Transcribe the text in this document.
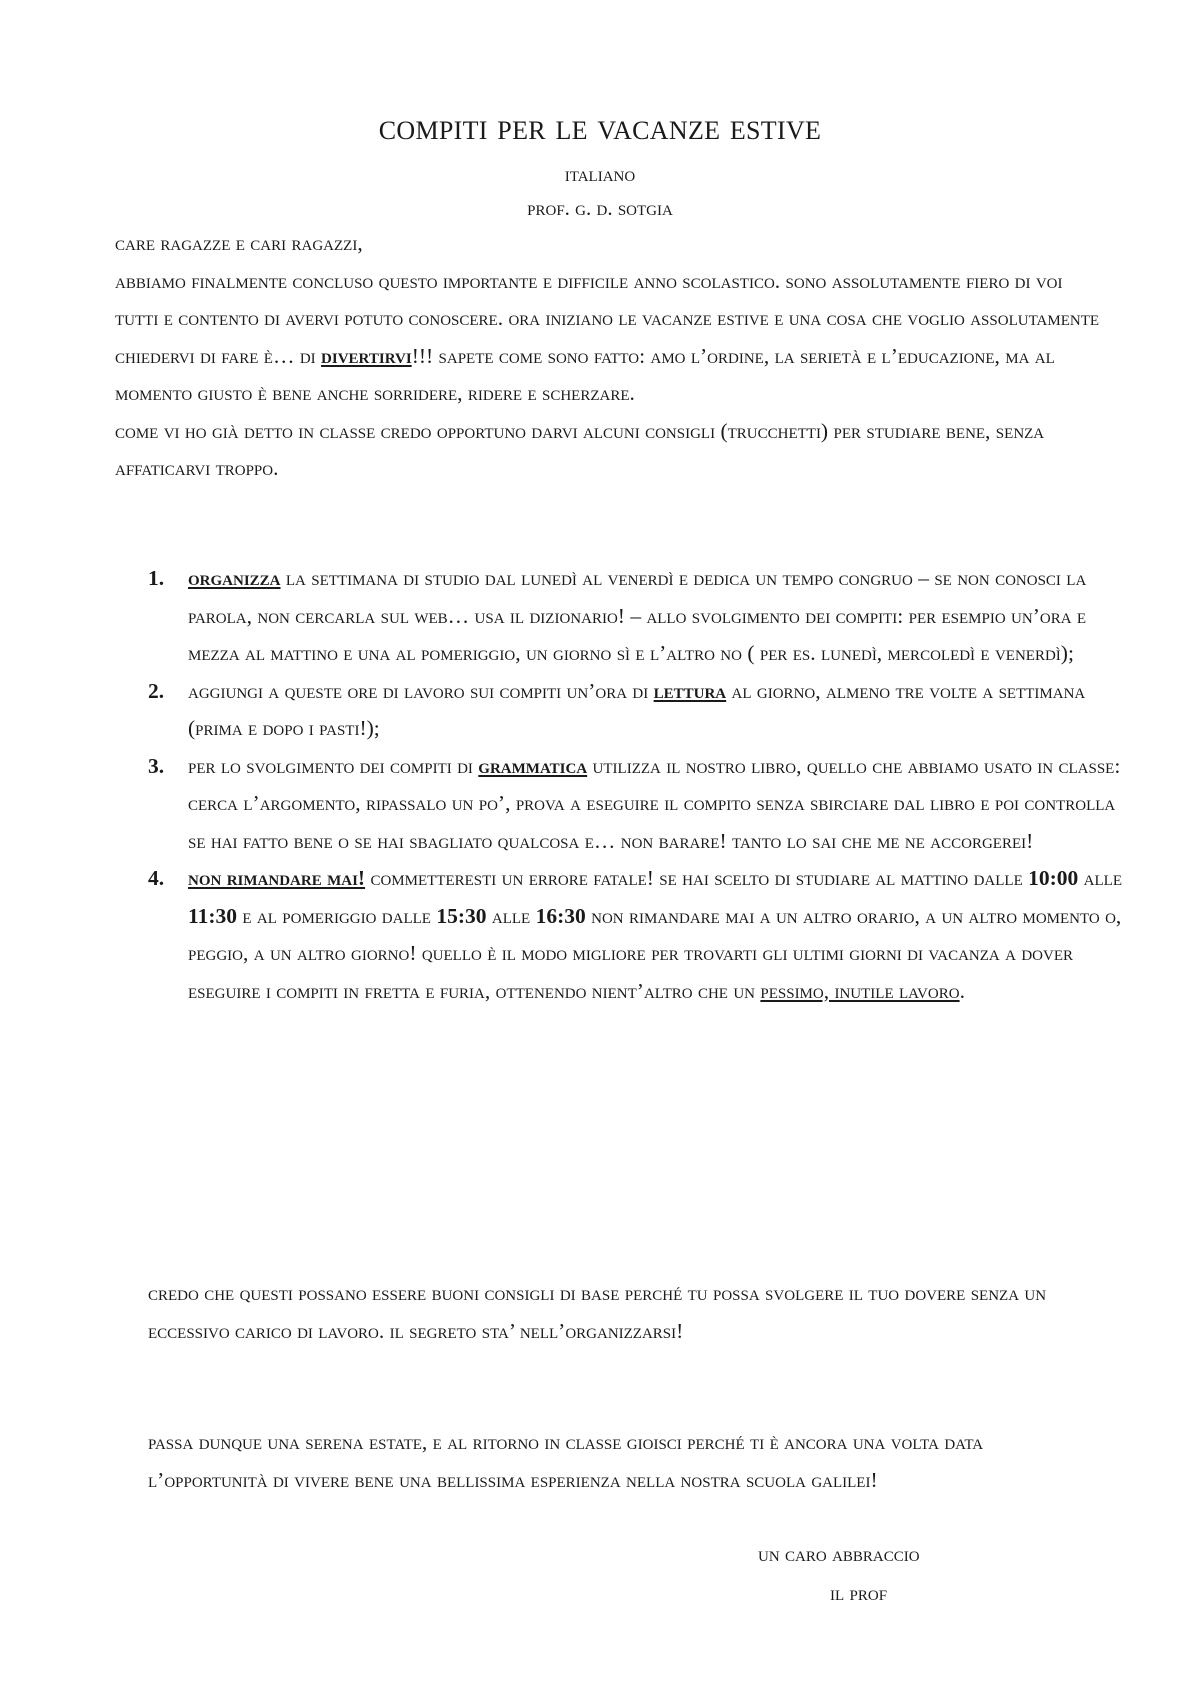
compiti per le vacanze estive
italiano
prof. g. d. sotgia

care ragazze e cari ragazzi,

abbiamo finalmente concluso questo importante e difficile anno scolastico. sono assolutamente fiero di voi tutti e contento di avervi potuto conoscere. ora iniziano le vacanze estive e una cosa che voglio assolutamente chiedervi di fare è… di divertirvi!!! sapete come sono fatto: amo l’ordine, la serietà e l’educazione, ma al momento giusto è bene anche sorridere, ridere e scherzare.

come vi ho già detto in classe credo opportuno darvi alcuni consigli (trucchetti) per studiare bene, senza affaticarvi troppo.

organizza la settimana di studio dal lunedì al venerdì e dedica un tempo congruo – se non conosci la parola, non cercarla sul web… usa il dizionario! – allo svolgimento dei compiti: per esempio un’ora e mezza al mattino e una al pomeriggio, un giorno sì e l’altro no ( per es. lunedì, mercoledì e venerdì);
aggiungi a queste ore di lavoro sui compiti un’ora di lettura al giorno, almeno tre volte a settimana (prima e dopo i pasti!);
per lo svolgimento dei compiti di grammatica utilizza il nostro libro, quello che abbiamo usato in classe: cerca l’argomento, ripassalo un po’, prova a eseguire il compito senza sbirciare dal libro e poi controlla se hai fatto bene o se hai sbagliato qualcosa e… non barare! tanto lo sai che me ne accorgerei!
non rimandare mai! commetteresti un errore fatale! se hai scelto di studiare al mattino dalle 10:00 alle 11:30 e al pomeriggio dalle 15:30 alle 16:30 non rimandare mai a un altro orario, a un altro momento o, peggio, a un altro giorno! quello è il modo migliore per trovarti gli ultimi giorni di vacanza a dover eseguire i compiti in fretta e furia, ottenendo nient’altro che un pessimo, inutile lavoro.

credo che questi possano essere buoni consigli di base perché tu possa svolgere il tuo dovere senza un eccessivo carico di lavoro. il segreto sta’ nell’organizzarsi!

passa dunque una serena estate, e al ritorno in classe gioisci perché ti è ancora una volta data l’opportunità di vivere bene una bellissima esperienza nella nostra scuola galilei!

un caro abbraccio
il prof
